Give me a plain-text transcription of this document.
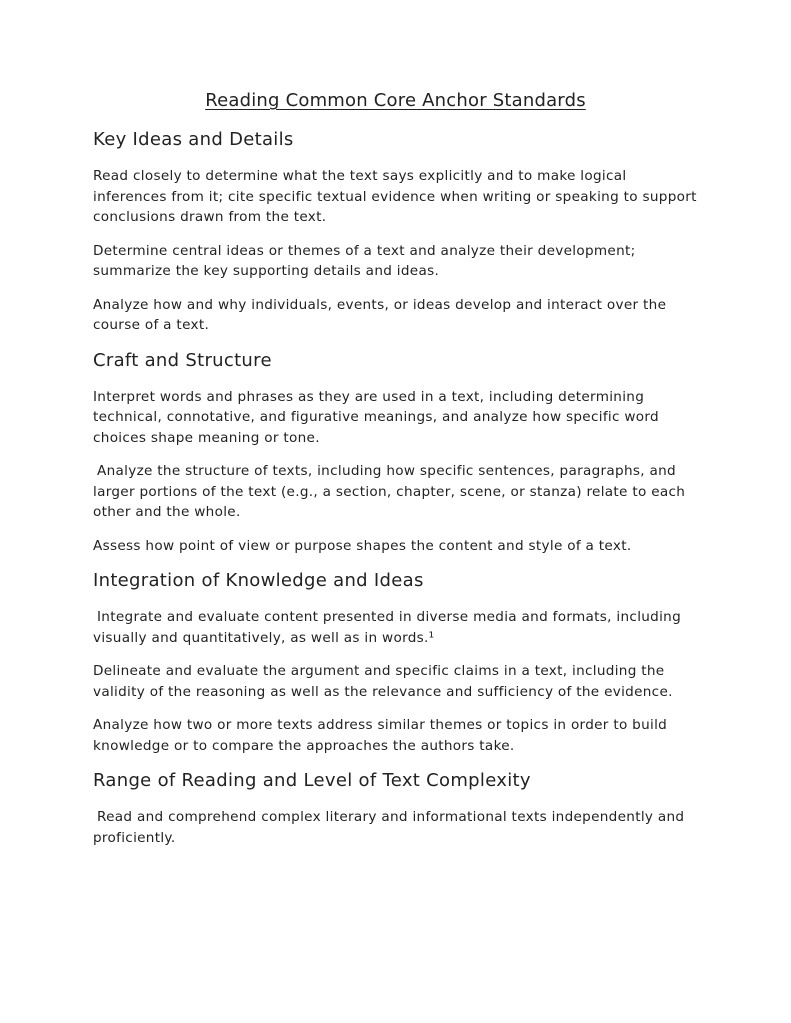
Reading Common Core Anchor Standards
Key Ideas and Details

Read closely to determine what the text says explicitly and to make logical inferences from it; cite specific textual evidence when writing or speaking to support conclusions drawn from the text.

Determine central ideas or themes of a text and analyze their development; summarize the key supporting details and ideas.

Analyze how and why individuals, events, or ideas develop and interact over the course of a text.

Craft and Structure

Interpret words and phrases as they are used in a text, including determining technical, connotative, and figurative meanings, and analyze how specific word choices shape meaning or tone.

Analyze the structure of texts, including how specific sentences, paragraphs, and larger portions of the text (e.g., a section, chapter, scene, or stanza) relate to each other and the whole.

Assess how point of view or purpose shapes the content and style of a text.

Integration of Knowledge and Ideas

Integrate and evaluate content presented in diverse media and formats, including visually and quantitatively, as well as in words.¹

Delineate and evaluate the argument and specific claims in a text, including the validity of the reasoning as well as the relevance and sufficiency of the evidence.

Analyze how two or more texts address similar themes or topics in order to build knowledge or to compare the approaches the authors take.

Range of Reading and Level of Text Complexity

Read and comprehend complex literary and informational texts independently and proficiently.
